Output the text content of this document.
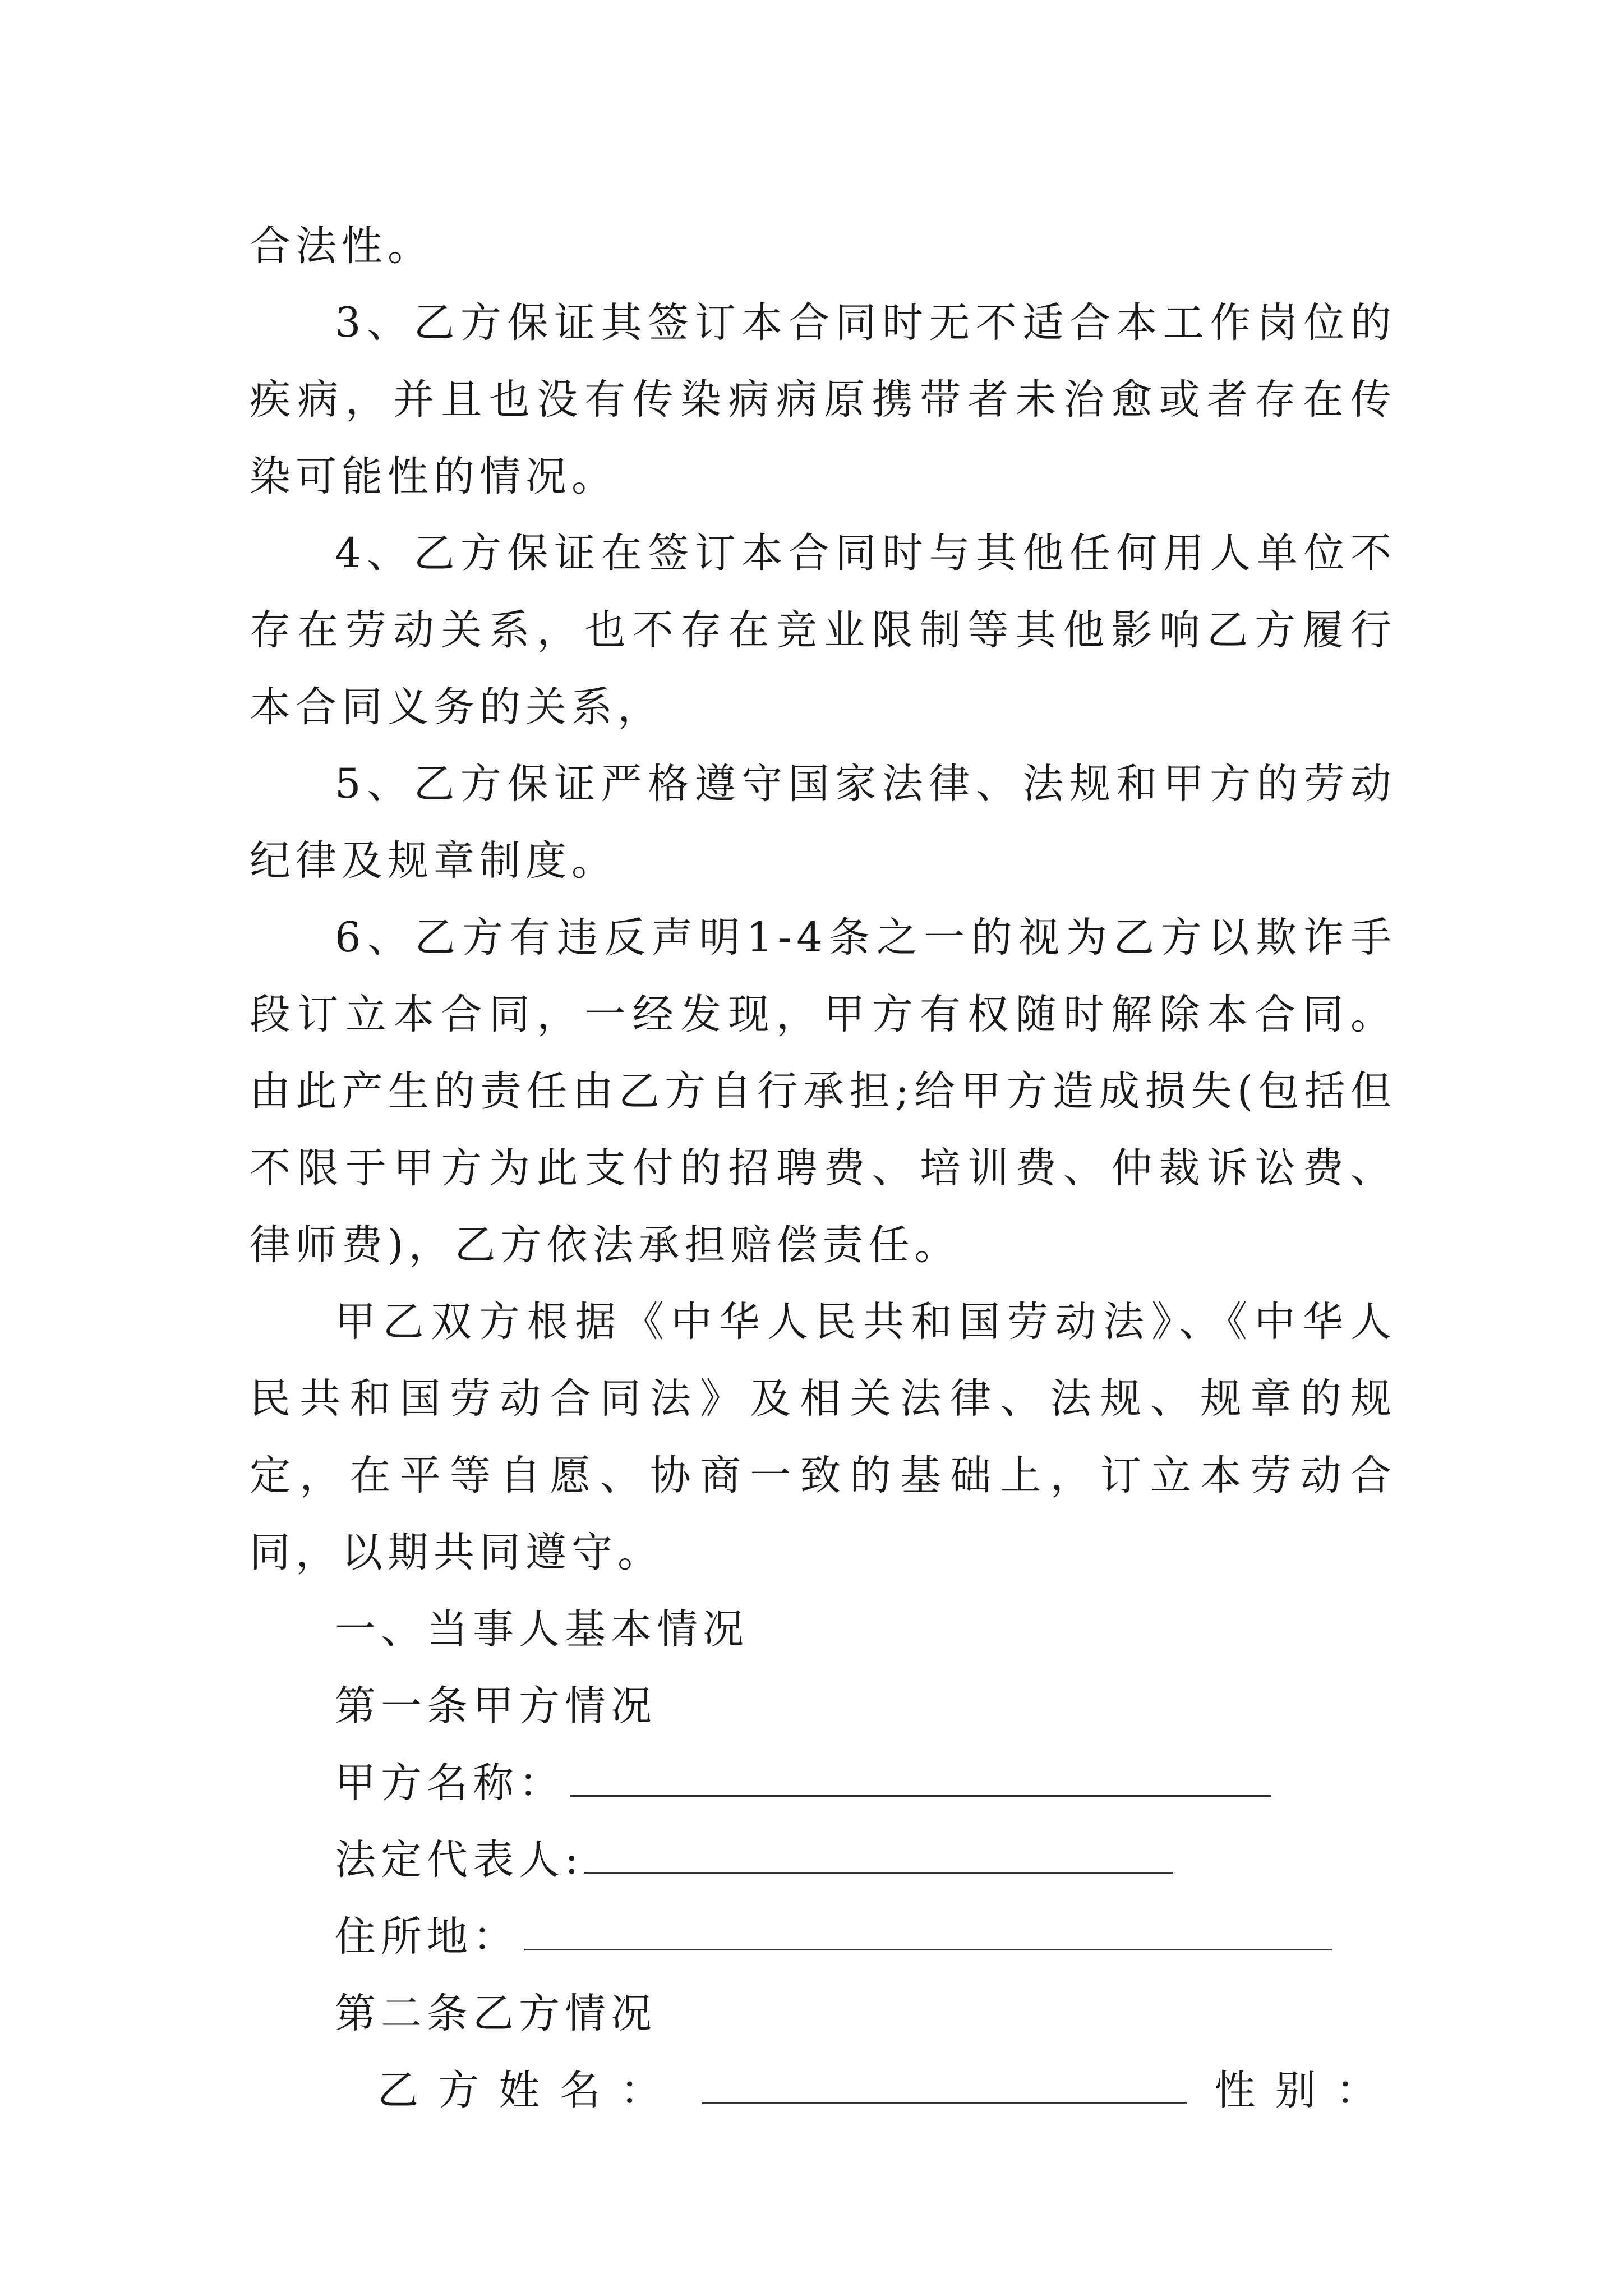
合法性。

3、乙方保证其签订本合同时无不适合本工作岗位的疾病，并且也没有传染病病原携带者未治愈或者存在传染可能性的情况。

4、乙方保证在签订本合同时与其他任何用人单位不存在劳动关系，也不存在竞业限制等其他影响乙方履行本合同义务的关系，

5、乙方保证严格遵守国家法律、法规和甲方的劳动纪律及规章制度。

6、乙方有违反声明1-4条之一的视为乙方以欺诈手段订立本合同，一经发现，甲方有权随时解除本合同。由此产生的责任由乙方自行承担;给甲方造成损失(包括但不限于甲方为此支付的招聘费、培训费、仲裁诉讼费、律师费)，乙方依法承担赔偿责任。

甲乙双方根据《中华人民共和国劳动法》、《中华人民共和国劳动合同法》及相关法律、法规、规章的规定，在平等自愿、协商一致的基础上，订立本劳动合同，以期共同遵守。

一、当事人基本情况

第一条甲方情况

甲方名称：

法定代表人:

住所地：

第二条乙方情况

乙 方 姓 名 ：	性 别 ：
